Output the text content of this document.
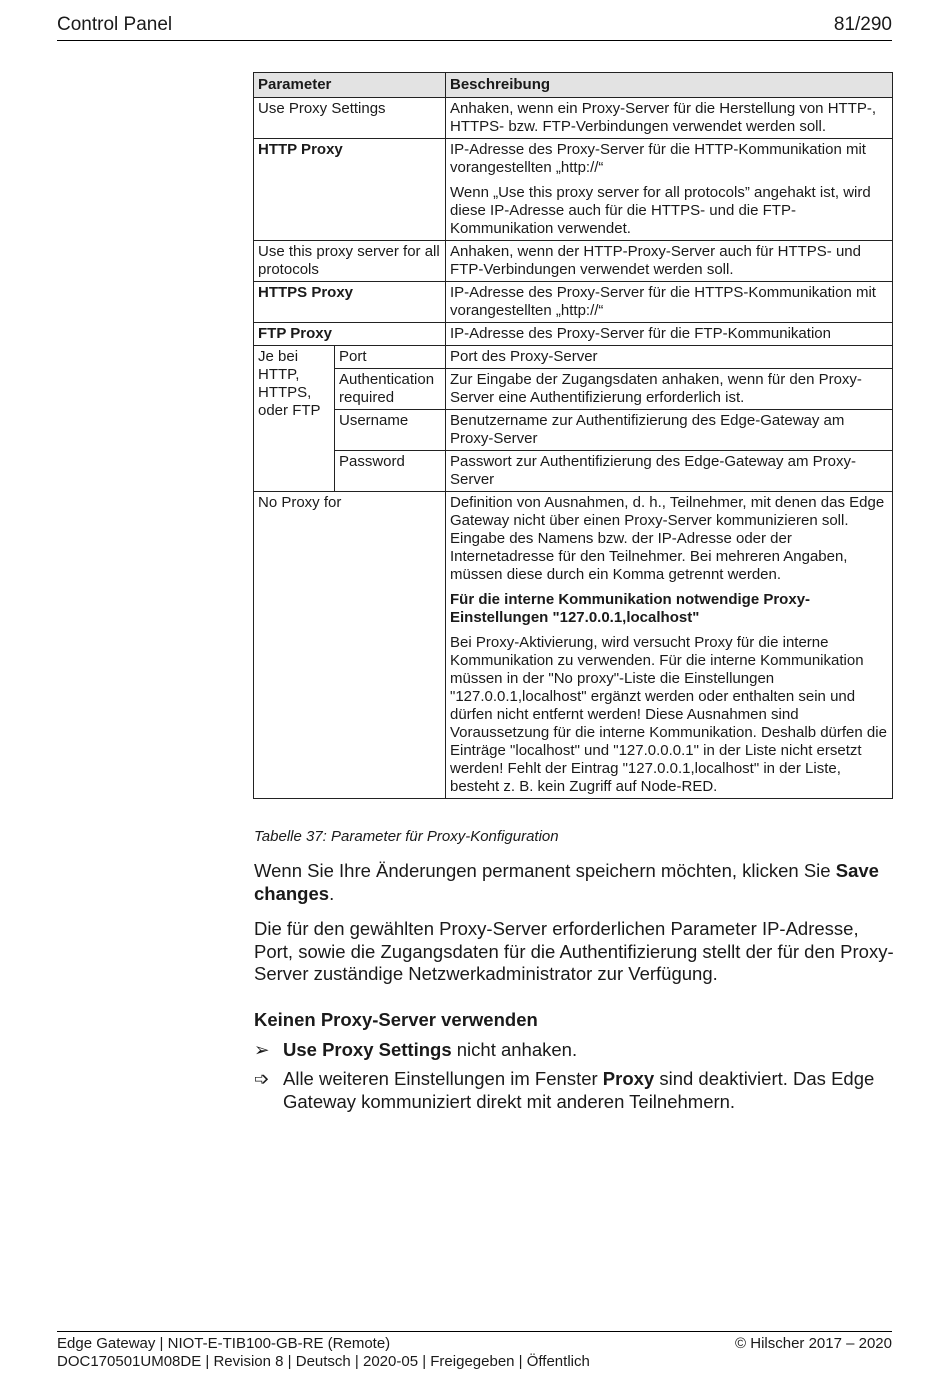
Control Panel	81/290
Parameter		Beschreibung
Use Proxy Settings		Anhaken, wenn ein Proxy-Server für die Herstellung von HTTP-, HTTPS- bzw. FTP-Verbindungen verwendet werden soll.

HTTP Proxy		IP-Adresse des Proxy-Server für die HTTP-Kommunikation mit vorangestellten „http://“

Wenn „Use this proxy server for all protocols” angehakt ist, wird diese IP-Adresse auch für die HTTPS- und die FTP-Kommunikation verwendet.

Use this proxy server for all protocols		Anhaken, wenn der HTTP-Proxy-Server auch für HTTPS- und FTP-Verbindungen verwendet werden soll.

HTTPS Proxy		IP-Adresse des Proxy-Server für die HTTPS-Kommunikation mit vorangestellten „http://“

FTP Proxy		IP-Adresse des Proxy-Server für die FTP-Kommunikation

Je bei HTTP, HTTPS, oder FTP	Port	Port des Proxy-Server
	Authentication required	Zur Eingabe der Zugangsdaten anhaken, wenn für den Proxy-Server eine Authentifizierung erforderlich ist.
	Username	Benutzername zur Authentifizierung des Edge-Gateway am Proxy-Server
	Password	Passwort zur Authentifizierung des Edge-Gateway am Proxy-Server
No Proxy for		Definition von Ausnahmen, d. h., Teilnehmer, mit denen das Edge Gateway nicht über einen Proxy-Server kommunizieren soll. Eingabe des Namens bzw. der IP-Adresse oder der Internetadresse für den Teilnehmer. Bei mehreren Angaben, müssen diese durch ein Komma getrennt werden.

Für die interne Kommunikation notwendige Proxy-Einstellungen "127.0.0.1,localhost"

Bei Proxy-Aktivierung, wird versucht Proxy für die interne Kommunikation zu verwenden. Für die interne Kommunikation müssen in der "No proxy"-Liste die Einstellungen "127.0.0.1,localhost" ergänzt werden oder enthalten sein und dürfen nicht entfernt werden! Diese Ausnahmen sind Voraussetzung für die interne Kommunikation. Deshalb dürfen die Einträge "localhost" und "127.0.0.0.1" in der Liste nicht ersetzt werden! Fehlt der Eintrag "127.0.0.1,localhost" in der Liste, besteht z. B. kein Zugriff auf Node-RED.

Tabelle 37: Parameter für Proxy-Konfiguration

Wenn Sie Ihre Änderungen permanent speichern möchten, klicken Sie Save changes.

Die für den gewählten Proxy-Server erforderlichen Parameter IP-Adresse, Port, sowie die Zugangsdaten für die Authentifizierung stellt der für den Proxy-Server zuständige Netzwerkadministrator zur Verfügung.

Keinen Proxy-Server verwenden
➢ Use Proxy Settings nicht anhaken.
➩ Alle weiteren Einstellungen im Fenster Proxy sind deaktiviert. Das Edge Gateway kommuniziert direkt mit anderen Teilnehmern.
Edge Gateway | NIOT-E-TIB100-GB-RE (Remote)
DOC170501UM08DE | Revision 8 | Deutsch | 2020-05 | Freigegeben | Öffentlich
© Hilscher 2017 – 2020
